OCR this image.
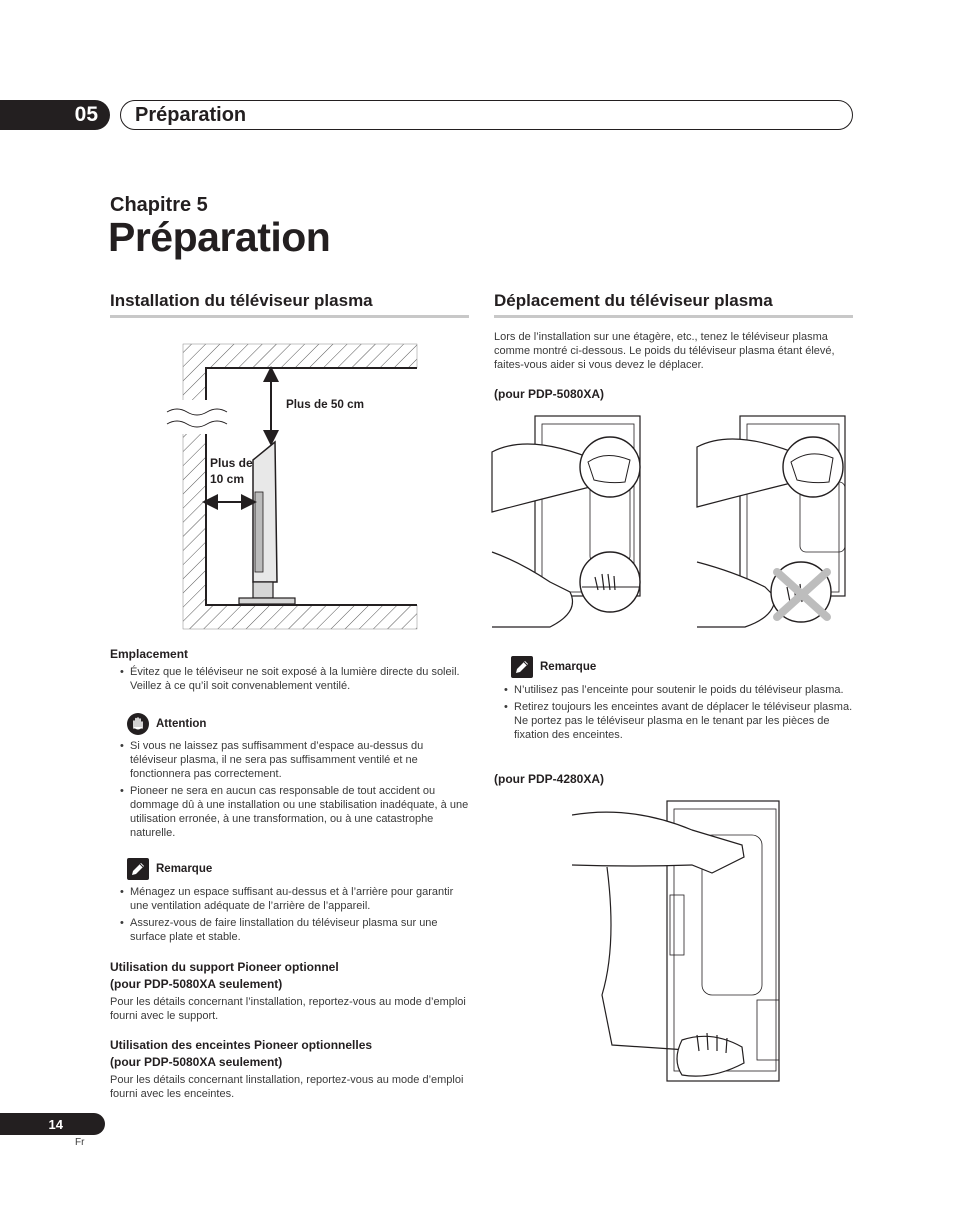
05 Préparation
Chapitre 5
Préparation
Installation du téléviseur plasma
Plus de 50 cm
Plus de
10 cm
Emplacement
• Évitez que le téléviseur ne soit exposé à la lumière directe du soleil. Veillez à ce qu’il soit convenablement ventilé.
Attention
• Si vous ne laissez pas suffisamment d’espace au-dessus du téléviseur plasma, il ne sera pas suffisamment ventilé et ne fonctionnera pas correctement.
• Pioneer ne sera en aucun cas responsable de tout accident ou dommage dû à une installation ou une stabilisation inadéquate, à une utilisation erronée, à une transformation, ou à une catastrophe naturelle.
Remarque
• Ménagez un espace suffisant au-dessus et à l’arrière pour garantir une ventilation adéquate de l’arrière de l’appareil.
• Assurez-vous de faire linstallation du téléviseur plasma sur une surface plate et stable.
Utilisation du support Pioneer optionnel
(pour PDP-5080XA seulement)
Pour les détails concernant l’installation, reportez-vous au mode d’emploi fourni avec le support.
Utilisation des enceintes Pioneer optionnelles
(pour PDP-5080XA seulement)
Pour les détails concernant linstallation, reportez-vous au mode d’emploi fourni avec les enceintes.
Déplacement du téléviseur plasma
Lors de l’installation sur une étagère, etc., tenez le téléviseur plasma comme montré ci-dessous. Le poids du téléviseur plasma étant élevé, faites-vous aider si vous devez le déplacer.
(pour PDP-5080XA)
Remarque
• N’utilisez pas l’enceinte pour soutenir le poids du téléviseur plasma.
• Retirez toujours les enceintes avant de déplacer le téléviseur plasma. Ne portez pas le téléviseur plasma en le tenant par les pièces de fixation des enceintes.
(pour PDP-4280XA)
14
Fr
